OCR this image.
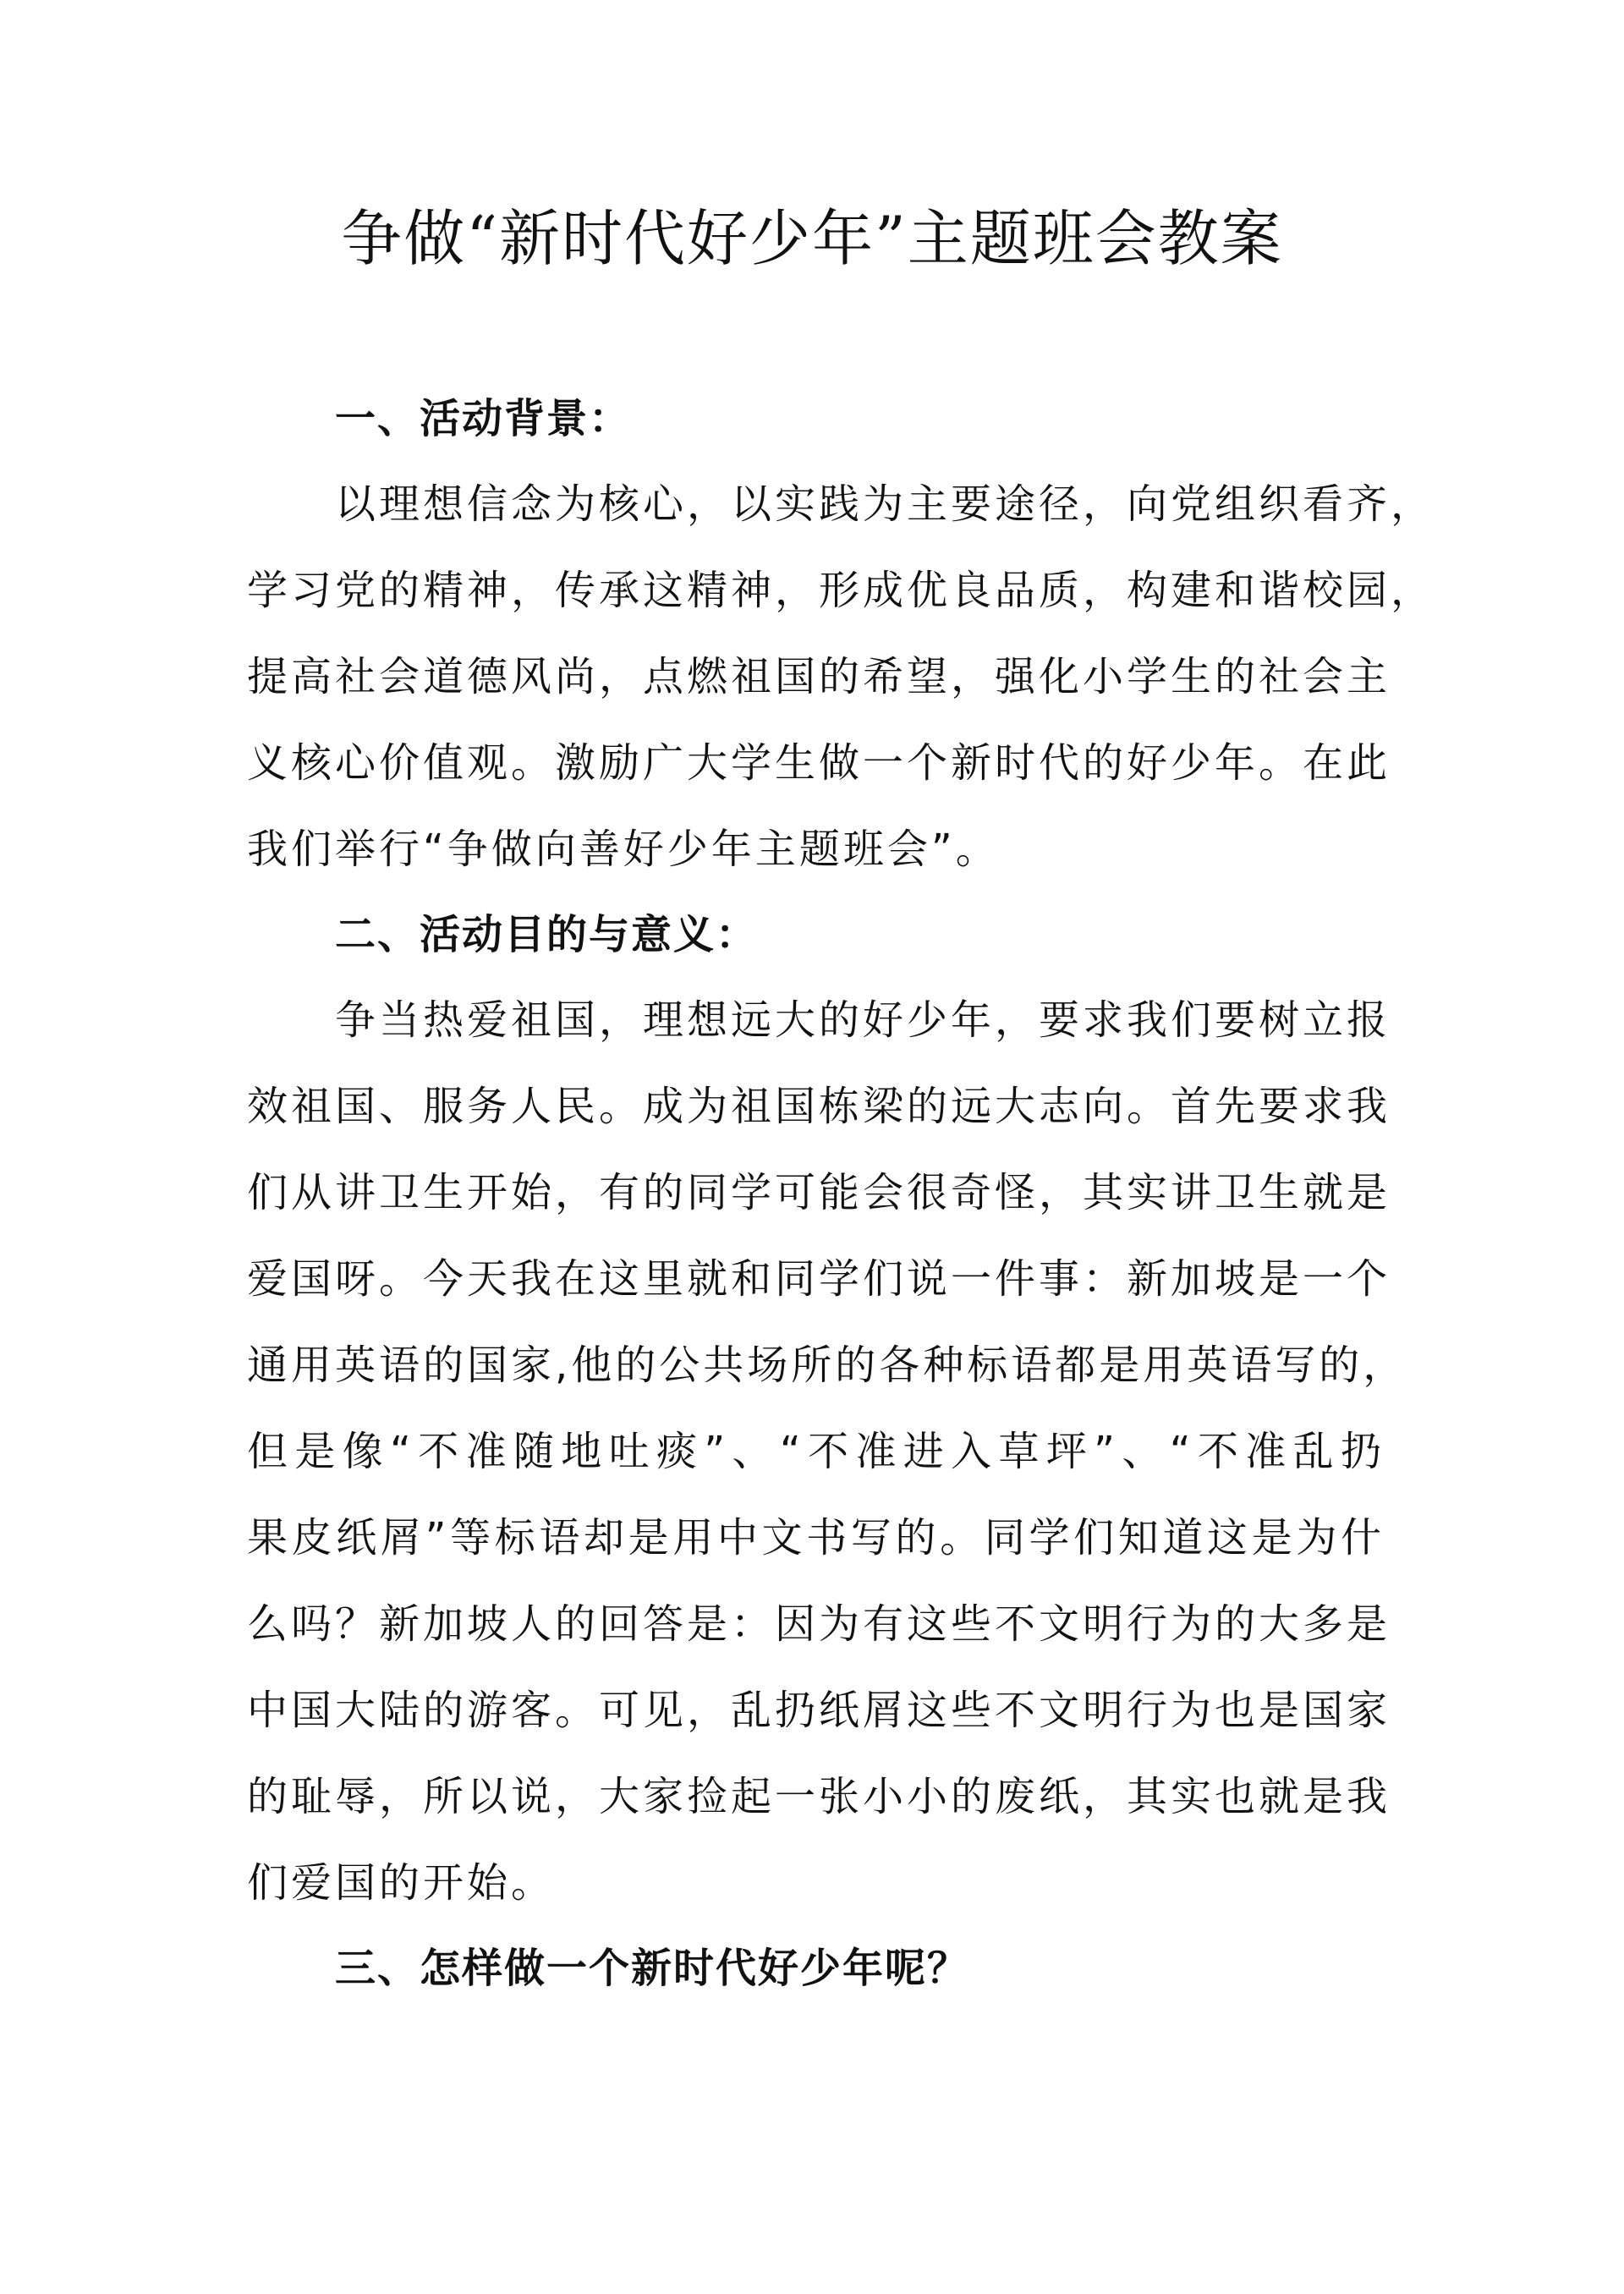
争做“新时代好少年”主题班会教案
一、活动背景：
以理想信念为核心，以实践为主要途径，向党组织看齐，
学习党的精神，传承这精神，形成优良品质，构建和谐校园，
提高社会道德风尚，点燃祖国的希望，强化小学生的社会主
义核心价值观。激励广大学生做一个新时代的好少年。在此
我们举行“争做向善好少年主题班会”。
二、活动目的与意义：
争当热爱祖国，理想远大的好少年，要求我们要树立报
效祖国、服务人民。成为祖国栋梁的远大志向。首先要求我
们从讲卫生开始，有的同学可能会很奇怪，其实讲卫生就是
爱国呀。今天我在这里就和同学们说一件事：新加坡是一个
通用英语的国家,他的公共场所的各种标语都是用英语写的，
但是像“不准随地吐痰”、“不准进入草坪”、“不准乱扔
果皮纸屑”等标语却是用中文书写的。同学们知道这是为什
么吗？新加坡人的回答是：因为有这些不文明行为的大多是
中国大陆的游客。可见，乱扔纸屑这些不文明行为也是国家
的耻辱，所以说，大家捡起一张小小的废纸，其实也就是我
们爱国的开始。
三、怎样做一个新时代好少年呢？
